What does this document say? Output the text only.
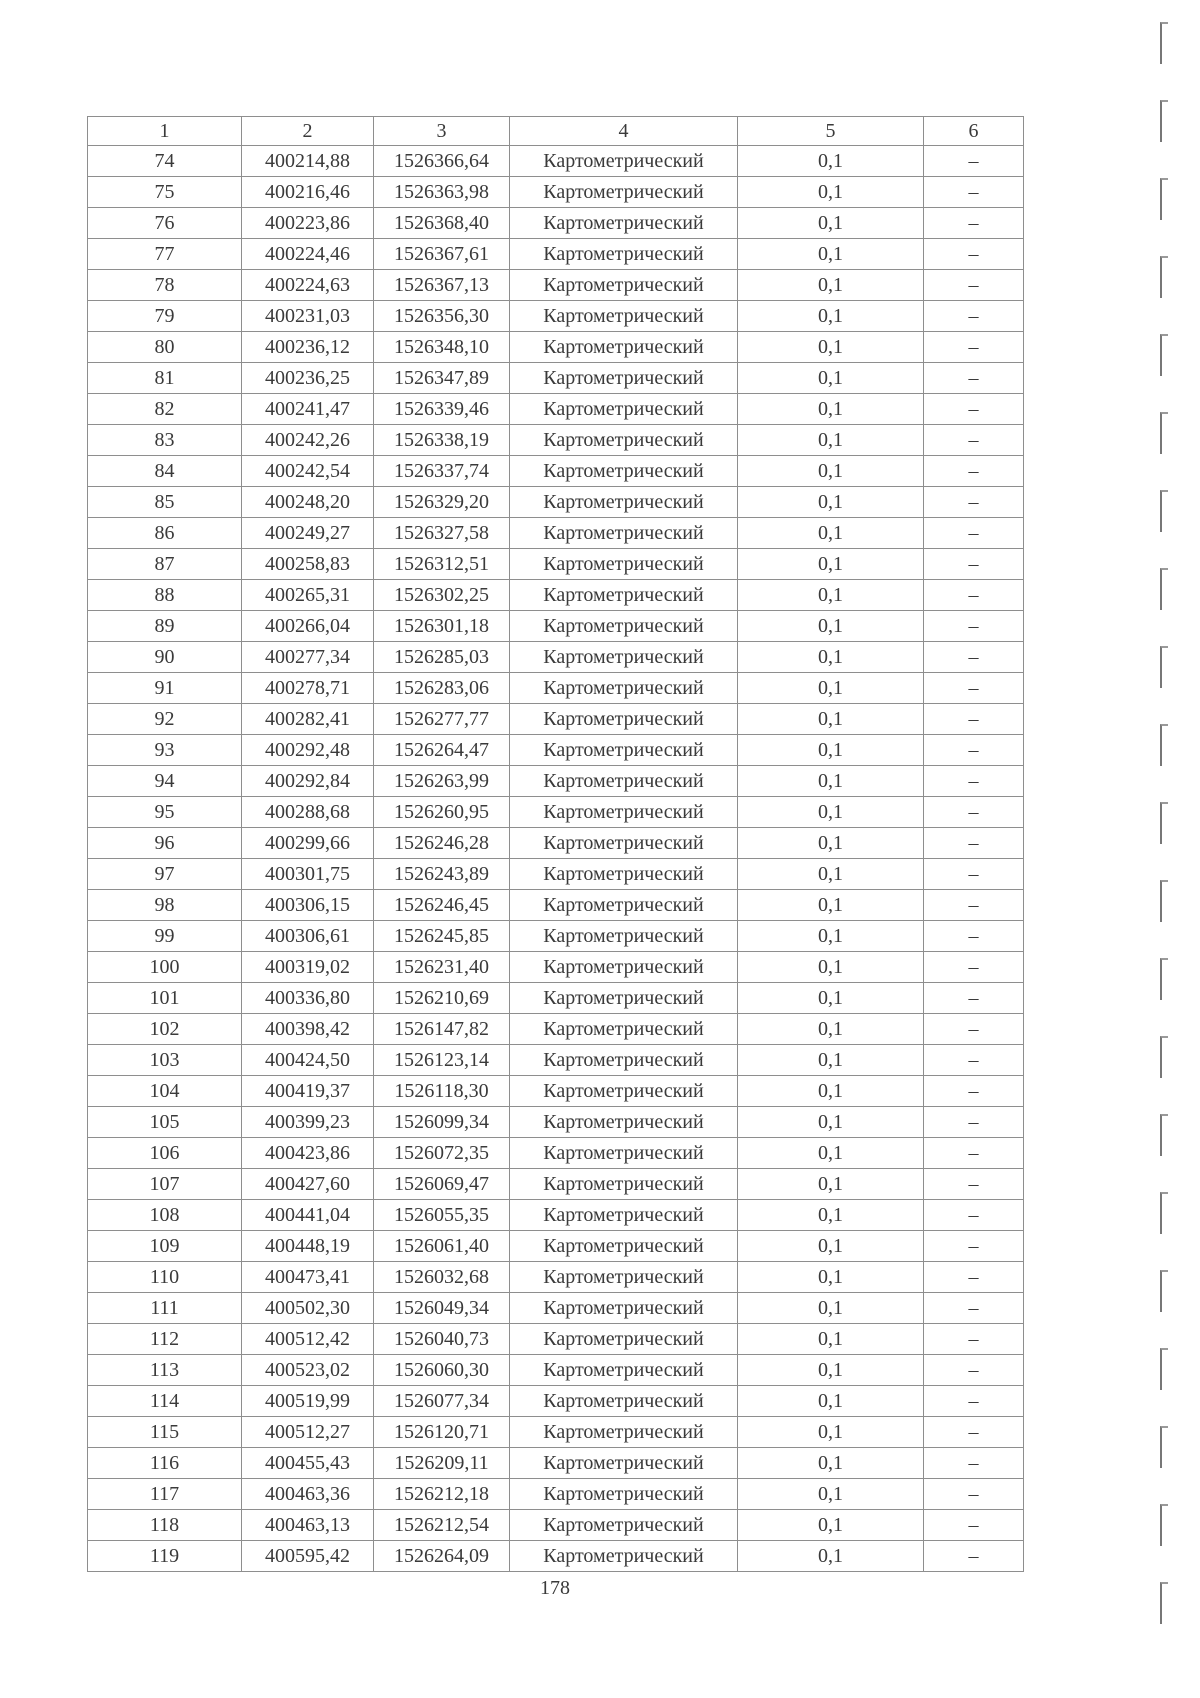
1	2	3	4	5	6
74	400214,88	1526366,64	Картометрический	0,1	–
75	400216,46	1526363,98	Картометрический	0,1	–
76	400223,86	1526368,40	Картометрический	0,1	–
77	400224,46	1526367,61	Картометрический	0,1	–
78	400224,63	1526367,13	Картометрический	0,1	–
79	400231,03	1526356,30	Картометрический	0,1	–
80	400236,12	1526348,10	Картометрический	0,1	–
81	400236,25	1526347,89	Картометрический	0,1	–
82	400241,47	1526339,46	Картометрический	0,1	–
83	400242,26	1526338,19	Картометрический	0,1	–
84	400242,54	1526337,74	Картометрический	0,1	–
85	400248,20	1526329,20	Картометрический	0,1	–
86	400249,27	1526327,58	Картометрический	0,1	–
87	400258,83	1526312,51	Картометрический	0,1	–
88	400265,31	1526302,25	Картометрический	0,1	–
89	400266,04	1526301,18	Картометрический	0,1	–
90	400277,34	1526285,03	Картометрический	0,1	–
91	400278,71	1526283,06	Картометрический	0,1	–
92	400282,41	1526277,77	Картометрический	0,1	–
93	400292,48	1526264,47	Картометрический	0,1	–
94	400292,84	1526263,99	Картометрический	0,1	–
95	400288,68	1526260,95	Картометрический	0,1	–
96	400299,66	1526246,28	Картометрический	0,1	–
97	400301,75	1526243,89	Картометрический	0,1	–
98	400306,15	1526246,45	Картометрический	0,1	–
99	400306,61	1526245,85	Картометрический	0,1	–
100	400319,02	1526231,40	Картометрический	0,1	–
101	400336,80	1526210,69	Картометрический	0,1	–
102	400398,42	1526147,82	Картометрический	0,1	–
103	400424,50	1526123,14	Картометрический	0,1	–
104	400419,37	1526118,30	Картометрический	0,1	–
105	400399,23	1526099,34	Картометрический	0,1	–
106	400423,86	1526072,35	Картометрический	0,1	–
107	400427,60	1526069,47	Картометрический	0,1	–
108	400441,04	1526055,35	Картометрический	0,1	–
109	400448,19	1526061,40	Картометрический	0,1	–
110	400473,41	1526032,68	Картометрический	0,1	–
111	400502,30	1526049,34	Картометрический	0,1	–
112	400512,42	1526040,73	Картометрический	0,1	–
113	400523,02	1526060,30	Картометрический	0,1	–
114	400519,99	1526077,34	Картометрический	0,1	–
115	400512,27	1526120,71	Картометрический	0,1	–
116	400455,43	1526209,11	Картометрический	0,1	–
117	400463,36	1526212,18	Картометрический	0,1	–
118	400463,13	1526212,54	Картометрический	0,1	–
119	400595,42	1526264,09	Картометрический	0,1	–
178
